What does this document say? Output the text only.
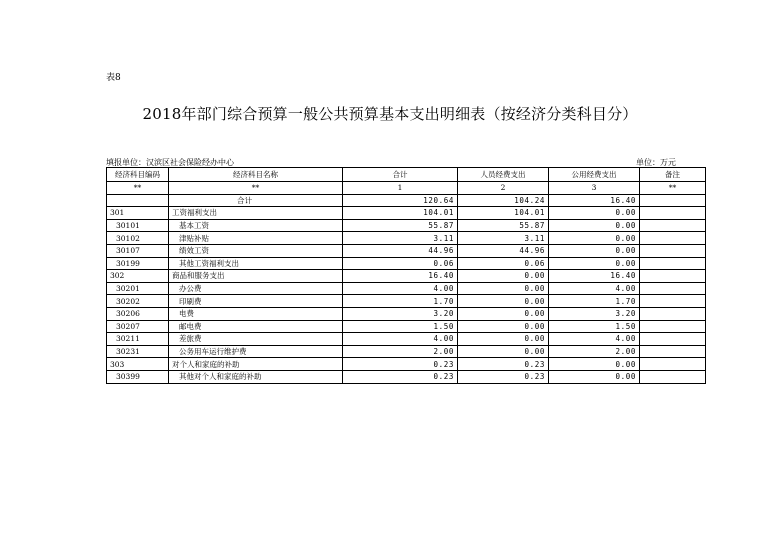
表8
2018年部门综合预算一般公共预算基本支出明细表（按经济分类科目分）
填报单位：汉滨区社会保险经办中心	单位：万元
经济科目编码	经济科目名称	合计	人员经费支出	公用经费支出	备注
**	**	1	2	3	**
	合计	120.64	104.24	16.40	
301	工资福利支出	104.01	104.01	0.00	
30101	基本工资	55.87	55.87	0.00	
30102	津贴补贴	3.11	3.11	0.00	
30107	绩效工资	44.96	44.96	0.00	
30199	其他工资福利支出	0.06	0.06	0.00	
302	商品和服务支出	16.40	0.00	16.40	
30201	办公费	4.00	0.00	4.00	
30202	印刷费	1.70	0.00	1.70	
30206	电费	3.20	0.00	3.20	
30207	邮电费	1.50	0.00	1.50	
30211	差旅费	4.00	0.00	4.00	
30231	公务用车运行维护费	2.00	0.00	2.00	
303	对个人和家庭的补助	0.23	0.23	0.00	
30399	其他对个人和家庭的补助	0.23	0.23	0.00	
